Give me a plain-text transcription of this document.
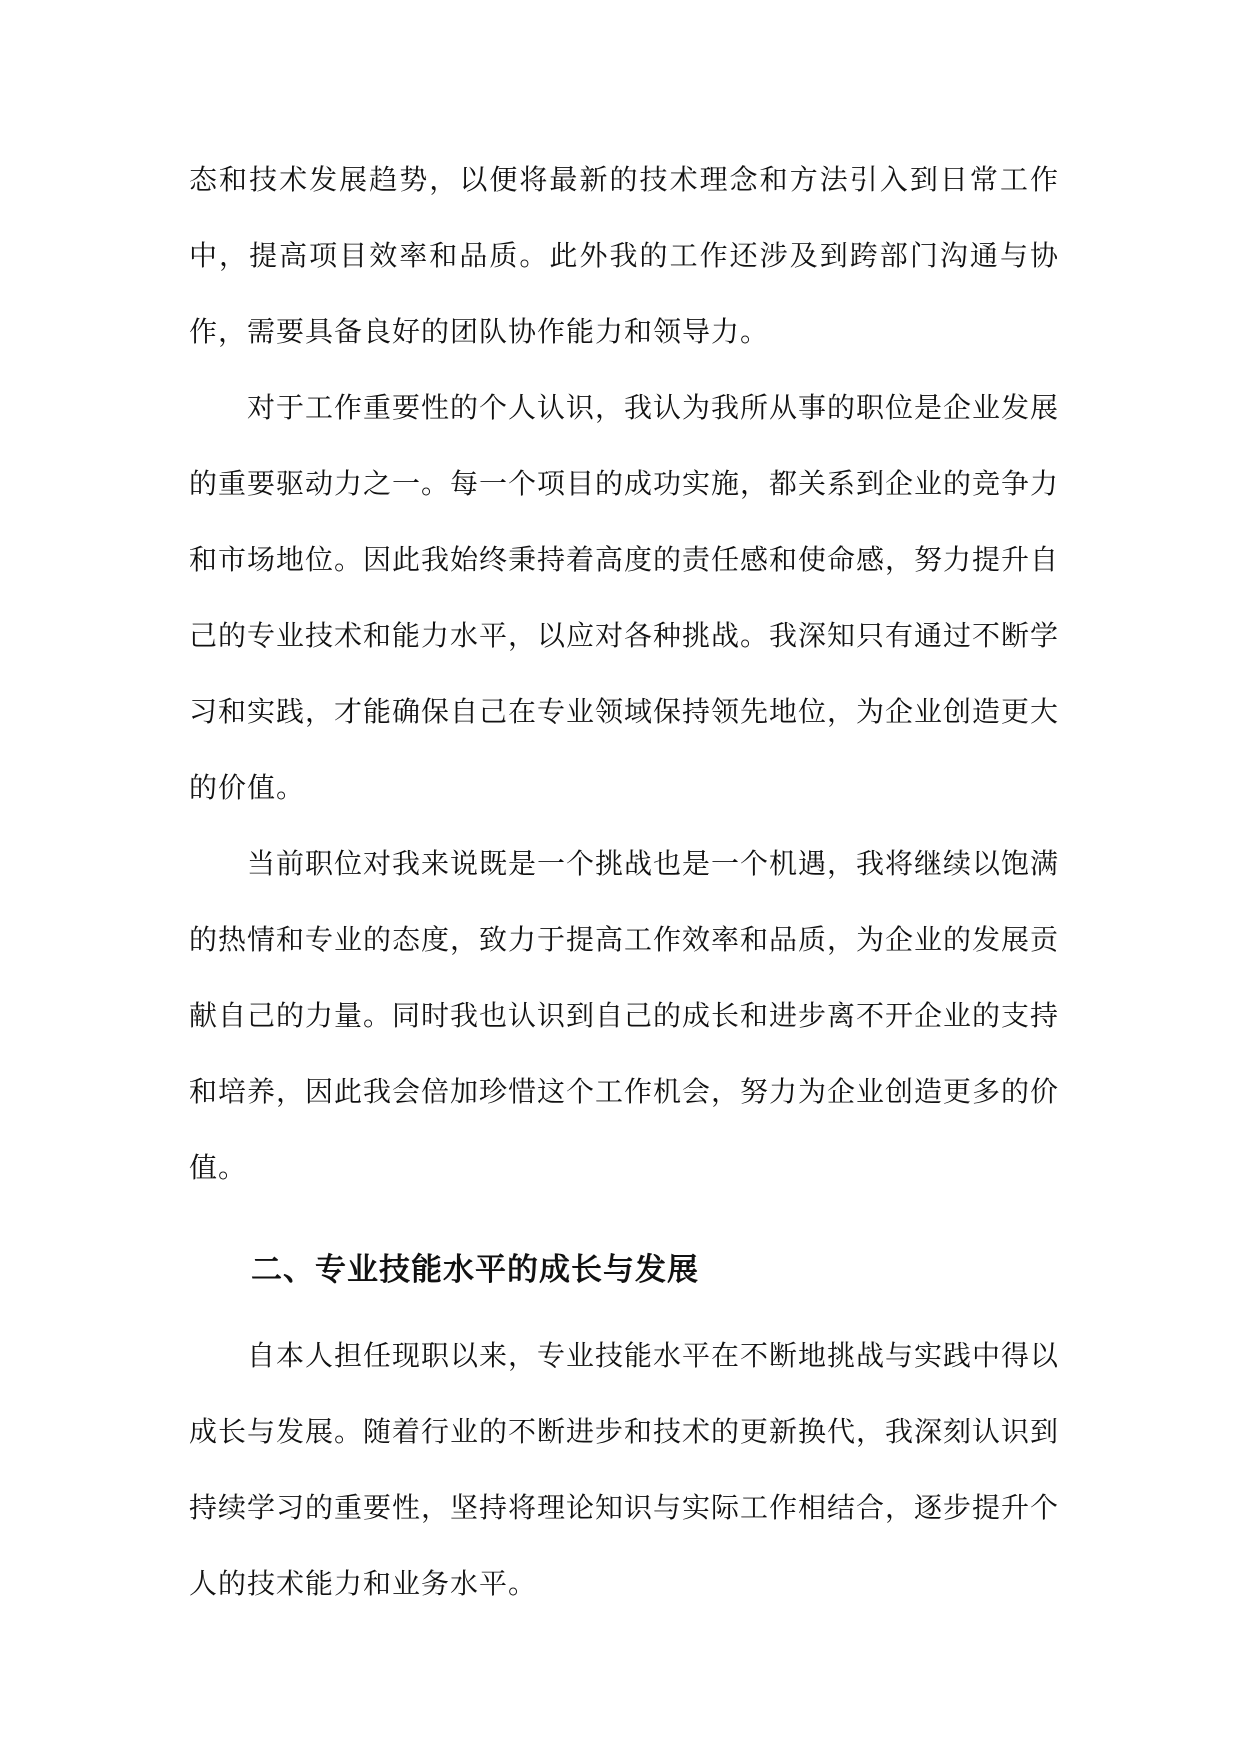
态和技术发展趋势，以便将最新的技术理念和方法引入到日常工作中，提高项目效率和品质。此外我的工作还涉及到跨部门沟通与协作，需要具备良好的团队协作能力和领导力。

对于工作重要性的个人认识，我认为我所从事的职位是企业发展的重要驱动力之一。每一个项目的成功实施，都关系到企业的竞争力和市场地位。因此我始终秉持着高度的责任感和使命感，努力提升自己的专业技术和能力水平，以应对各种挑战。我深知只有通过不断学习和实践，才能确保自己在专业领域保持领先地位，为企业创造更大的价值。

当前职位对我来说既是一个挑战也是一个机遇，我将继续以饱满的热情和专业的态度，致力于提高工作效率和品质，为企业的发展贡献自己的力量。同时我也认识到自己的成长和进步离不开企业的支持和培养，因此我会倍加珍惜这个工作机会，努力为企业创造更多的价值。

二、专业技能水平的成长与发展

自本人担任现职以来，专业技能水平在不断地挑战与实践中得以成长与发展。随着行业的不断进步和技术的更新换代，我深刻认识到持续学习的重要性，坚持将理论知识与实际工作相结合，逐步提升个人的技术能力和业务水平。
